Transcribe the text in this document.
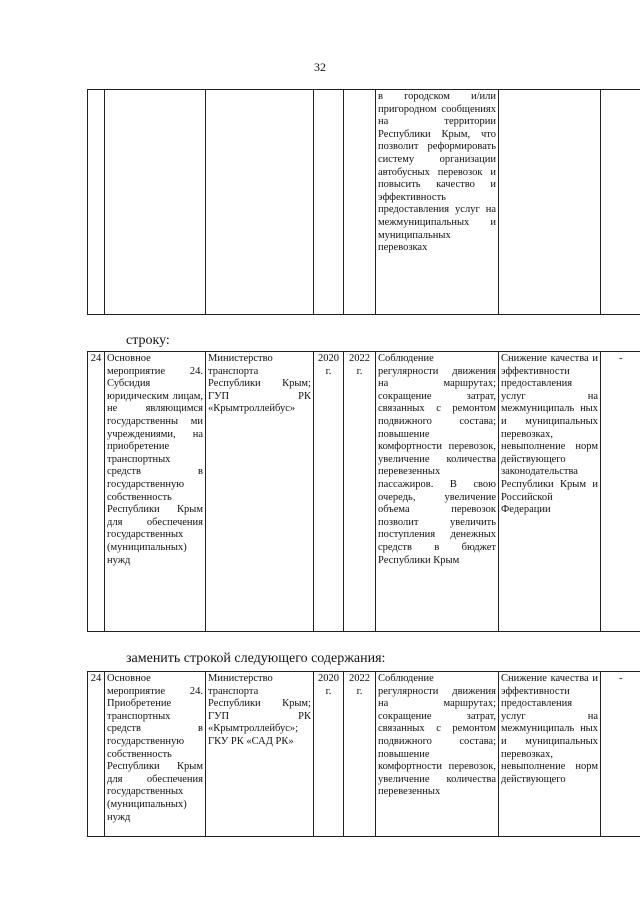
32
					в городском и/или пригородном сообщениях на территории Республики Крым, что позволит реформировать систему организации автобусных перевозок и повысить качество и эффективность предоставления услуг на межмуниципальных и муниципальных перевозках		
строку:
24	Основное мероприятие 24. Субсидия юридическим лицам, не являющимся государственны ми учреждениями, на приобретение транспортных средств в государственную собственность Республики Крым для обеспечения государственных (муниципальных) нужд	Министерство транспорта Республики Крым; ГУП РК «Крымтроллейбус»	2020 г.	2022 г.	Соблюдение регулярности движения на маршрутах; сокращение затрат, связанных с ремонтом подвижного состава; повышение комфортности перевозок, увеличение количества перевезенных пассажиров. В свою очередь, увеличение объема перевозок позволит увеличить поступления денежных средств в бюджет Республики Крым	Снижение качества и эффективности предоставления услуг на межмуниципаль ных и муниципальных перевозках, невыполнение норм действующего законодательства Республики Крым и Российской Федерации	-
заменить строкой следующего содержания:
24	Основное мероприятие 24. Приобретение транспортных средств в государственную собственность Республики Крым для обеспечения государственных (муниципальных) нужд	Министерство транспорта Республики Крым; ГУП РК «Крымтроллейбус»; ГКУ РК «САД РК»	2020 г.	2022 г.	Соблюдение регулярности движения на маршрутах; сокращение затрат, связанных с ремонтом подвижного состава; повышение комфортности перевозок, увеличение количества перевезенных	Снижение качества и эффективности предоставления услуг на межмуниципаль ных и муниципальных перевозках, невыполнение норм действующего	-
